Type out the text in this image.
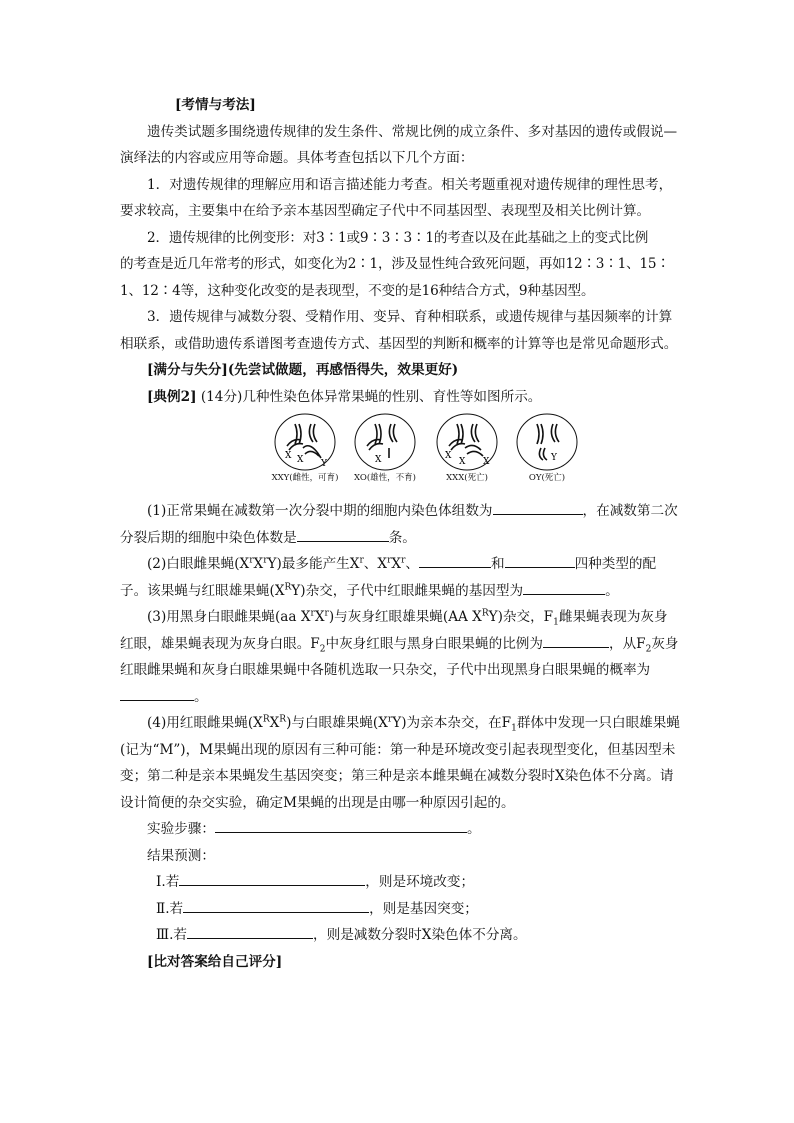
[考情与考法]
遗传类试题多围绕遗传规律的发生条件、常规比例的成立条件、多对基因的遗传或假说—演绎法的内容或应用等命题。具体考查包括以下几个方面：
1．对遗传规律的理解应用和语言描述能力考查。相关考题重视对遗传规律的理性思考，要求较高，主要集中在给予亲本基因型确定子代中不同基因型、表现型及相关比例计算。
2．遗传规律的比例变形：对3∶1或9∶3∶3∶1的考查以及在此基础之上的变式比例
的考查是近几年常考的形式，如变化为2∶1，涉及显性纯合致死问题，再如12∶3∶1、15∶
1、12∶4等，这种变化改变的是表现型，不变的是16种结合方式，9种基因型。
3．遗传规律与减数分裂、受精作用、变异、育种相联系，或遗传规律与基因频率的计算相联系，或借助遗传系谱图考查遗传方式、基因型的判断和概率的计算等也是常见命题形式。
[满分与失分](先尝试做题，再感悟得失，效果更好)
[典例2] (14分)几种性染色体异常果蝇的性别、育性等如图所示。
X X Y
XXY(雌性，可育)
X
XO(雄性，不育)
X
X X
XXX(死亡)
Y
OY(死亡)
(1)正常果蝇在减数第一次分裂中期的细胞内染色体组数为	，在减数第二次分裂后期的细胞中染色体数是	条。
(2)白眼雌果蝇$(X^rX^rY)$最多能产生$X^r$、$X^rX^r$、	和	四种类型的配子。该果蝇与红眼雄果蝇$(X^RY)$杂交，子代中红眼雌果蝇的基因型为	。
(3)用黑身白眼雌果蝇(aa $X^rX^r$)与灰身红眼雄果蝇(AA $X^RY$)杂交，$F_1$雌果蝇表现为灰身红眼，雄果蝇表现为灰身白眼。$F_2$中灰身红眼与黑身白眼果蝇的比例为	，从$F_2$灰身红眼雌果蝇和灰身白眼雄果蝇中各随机选取一只杂交，子代中出现黑身白眼果蝇的概率为。
(4)用红眼雌果蝇$(X^RX^R)$与白眼雄果蝇$(X^rY)$为亲本杂交，在$F_1$群体中发现一只白眼雄果蝇(记为“M”)，M果蝇出现的原因有三种可能：第一种是环境改变引起表现型变化，但基因型未变；第二种是亲本果蝇发生基因突变；第三种是亲本雌果蝇在减数分裂时X染色体不分离。请设计简便的杂交实验，确定M果蝇的出现是由哪一种原因引起的。
实验步骤：	。
结果预测：
Ⅰ.若	，则是环境改变；
Ⅱ.若	，则是基因突变；
Ⅲ.若	，则是减数分裂时X染色体不分离。
[比对答案给自己评分]
